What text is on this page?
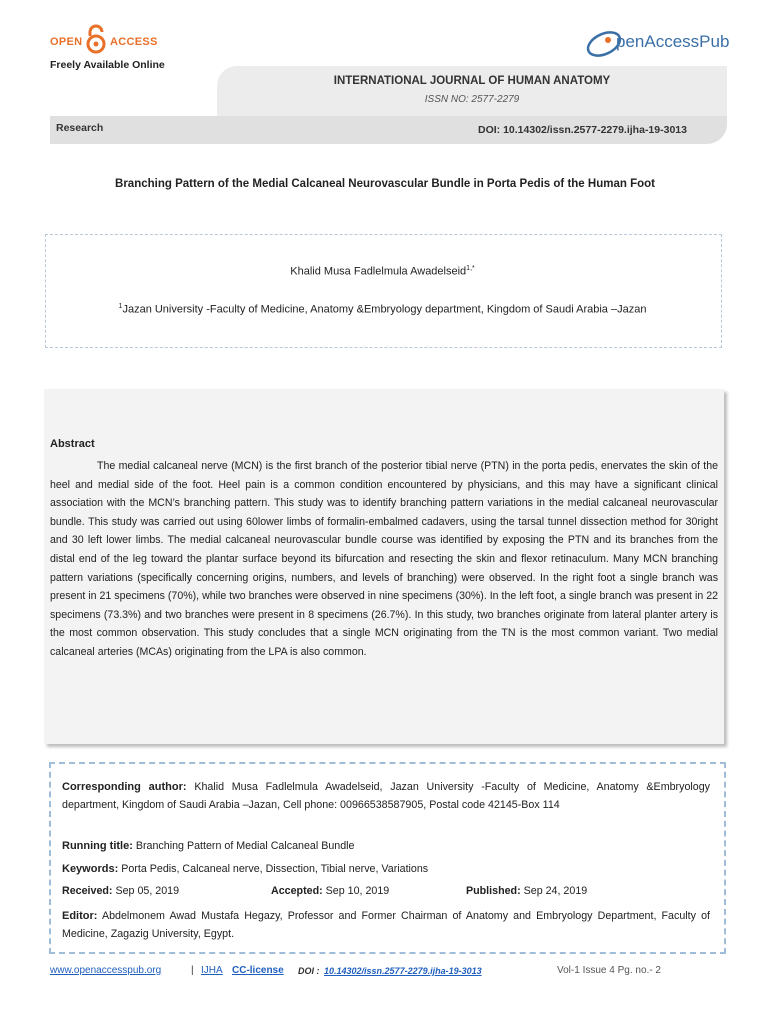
OPEN	ACCESS
Freely Available Online
penAccessPub
INTERNATIONAL JOURNAL OF HUMAN ANATOMY
ISSN NO: 2577-2279
Research	DOI: 10.14302/issn.2577-2279.ijha-19-3013
Branching Pattern of the Medial Calcaneal Neurovascular Bundle in Porta Pedis of the Human Foot
Khalid Musa Fadlelmula Awadelseid$^{1,*}$
$^1$Jazan University -Faculty of Medicine, Anatomy &Embryology department, Kingdom of Saudi Arabia –Jazan
Abstract
The medial calcaneal nerve (MCN) is the first branch of the posterior tibial nerve (PTN) in the porta pedis, enervates the skin of the heel and medial side of the foot. Heel pain is a common condition encountered by physicians, and this may have a significant clinical association with the MCN’s branching pattern. This study was to identify branching pattern variations in the medial calcaneal neurovascular bundle. This study was carried out using 60lower limbs of formalin-embalmed cadavers, using the tarsal tunnel dissection method for 30right and 30 left lower limbs. The medial calcaneal neurovascular bundle course was identified by exposing the PTN and its branches from the distal end of the leg toward the plantar surface beyond its bifurcation and resecting the skin and flexor retinaculum. Many MCN branching pattern variations (specifically concerning origins, numbers, and levels of branching) were observed. In the right foot a single branch was present in 21 specimens (70%), while two branches were observed in nine specimens (30%). In the left foot, a single branch was present in 22 specimens (73.3%) and two branches were present in 8 specimens (26.7%). In this study, two branches originate from lateral planter artery is the most common observation. This study concludes that a single MCN originating from the TN is the most common variant. Two medial calcaneal arteries (MCAs) originating from the LPA is also common.
Corresponding author: Khalid Musa Fadlelmula Awadelseid, Jazan University -Faculty of Medicine, Anatomy &Embryology department, Kingdom of Saudi Arabia –Jazan, Cell phone: 00966538587905, Postal code 42145-Box 114
Running title: Branching Pattern of Medial Calcaneal Bundle
Keywords: Porta Pedis, Calcaneal nerve, Dissection, Tibial nerve, Variations
Received: Sep 05, 2019	Accepted: Sep 10, 2019	Published: Sep 24, 2019
Editor: Abdelmonem Awad Mustafa Hegazy, Professor and Former Chairman of Anatomy and Embryology Department, Faculty of Medicine, Zagazig University, Egypt.
www.openaccesspub.org	| IJHA CC-license DOI : 10.14302/issn.2577-2279.ijha-19-3013	Vol-1 Issue 4 Pg. no.- 2
